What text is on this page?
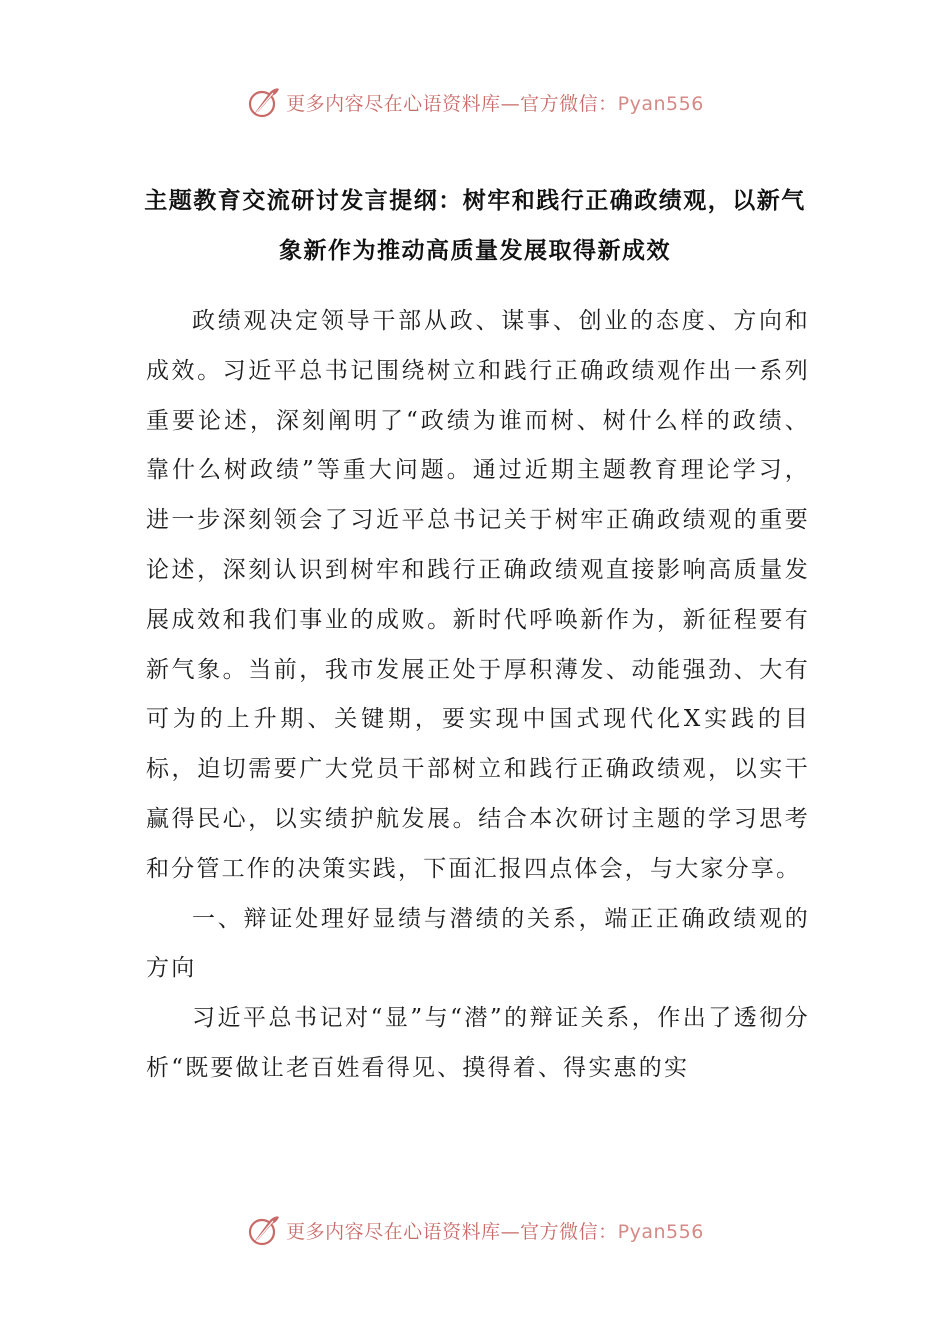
更多内容尽在心语资料库—官方微信：Pyan556
主题教育交流研讨发言提纲：树牢和践行正确政绩观，以新气象新作为推动高质量发展取得新成效

政绩观决定领导干部从政、谋事、创业的态度、方向和成效。习近平总书记围绕树立和践行正确政绩观作出一系列重要论述，深刻阐明了“政绩为谁而树、树什么样的政绩、靠什么树政绩”等重大问题。通过近期主题教育理论学习，进一步深刻领会了习近平总书记关于树牢正确政绩观的重要论述，深刻认识到树牢和践行正确政绩观直接影响高质量发展成效和我们事业的成败。新时代呼唤新作为，新征程要有新气象。当前，我市发展正处于厚积薄发、动能强劲、大有可为的上升期、关键期，要实现中国式现代化X实践的目标，迫切需要广大党员干部树立和践行正确政绩观，以实干赢得民心，以实绩护航发展。结合本次研讨主题的学习思考和分管工作的决策实践，下面汇报四点体会，与大家分享。

一、辩证处理好显绩与潜绩的关系，端正正确政绩观的方向

习近平总书记对“显”与“潜”的辩证关系，作出了透彻分析“既要做让老百姓看得见、摸得着、得实惠的实

更多内容尽在心语资料库—官方微信：Pyan556
